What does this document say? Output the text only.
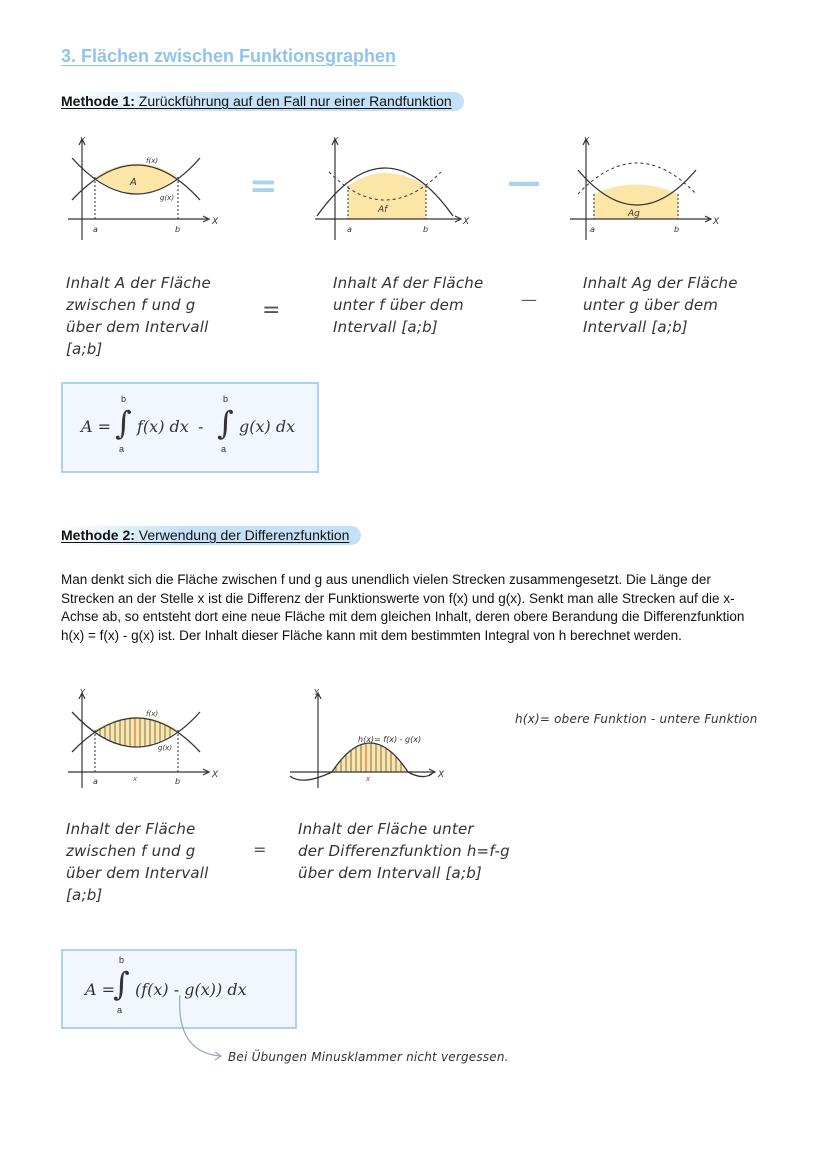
3. Flächen zwischen Funktionsgraphen
Methode 1: Zurückführung auf den Fall nur einer Randfunktion
Y
X
f(x)
g(x)
A
a	b
=
Y
X
Af
a	b
—
Y
X
Ag
a	b
Inhalt A der Fläche
zwischen f und g
über dem Intervall
[a;b]
=
Inhalt Af der Fläche
unter f über dem
Intervall [a;b]
—
Inhalt Ag der Fläche
unter g über dem
Intervall [a;b]
A =
b
∫
a
f(x) dx -
b
∫
a
g(x) dx
Methode 2: Verwendung der Differenzfunktion

Man denkt sich die Fläche zwischen f und g aus unendlich vielen Strecken zusammengesetzt. Die Länge der Strecken an der Stelle x ist die Differenz der Funktionswerte von f(x) und g(x). Senkt man alle Strecken auf die x-Achse ab, so entsteht dort eine neue Fläche mit dem gleichen Inhalt, deren obere Berandung die Differenzfunktion h(x) = f(x) - g(x) ist. Der Inhalt dieser Fläche kann mit dem bestimmten Integral von h berechnet werden.

Y
X
f(x)
g(x)
a	b
x
Y
X
h(x)= f(x) - g(x)
x
h(x)= obere Funktion - untere Funktion
Inhalt der Fläche
zwischen f und g
über dem Intervall
[a;b]
=
Inhalt der Fläche unter
der Differenzfunktion h=f-g
über dem Intervall [a;b]
A =
b
∫
a
(f(x) - g(x)) dx
Bei Übungen Minusklammer nicht vergessen.
